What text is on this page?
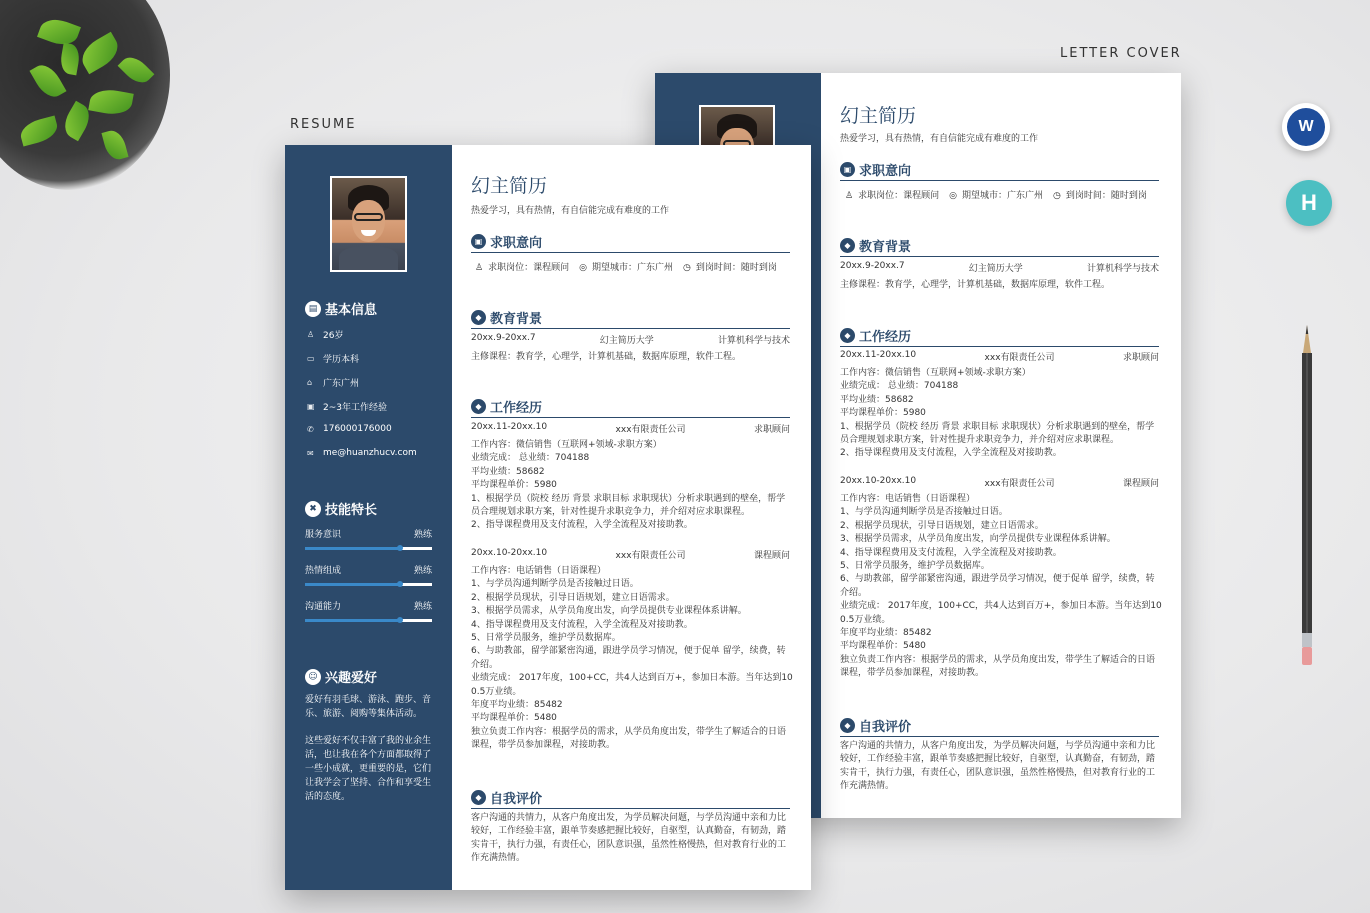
RESUME
LETTER COVER
幻主简历
热爱学习，具有热情，有自信能完成有难度的工作
▣ 求职意向
♙ 求职岗位：课程顾问 ◎ 期望城市：广东广州 ◷ 到岗时间：随时到岗
◆ 教育背景
20xx.9-20xx.7	幻主简历大学	计算机科学与技术
主修课程：教育学，心理学，计算机基础，数据库原理，软件工程。
◆ 工作经历
20xx.11-20xx.10	xxx有限责任公司	求职顾问
工作内容：微信销售（互联网+领域-求职方案）
业绩完成： 总业绩：704188
平均业绩：58682
平均课程单价：5980
1、根据学员（院校 经历 背景 求职目标 求职现状）分析求职遇到的壁垒，帮学
员合理规划求职方案，针对性提升求职竞争力，并介绍对应求职课程。
2、指导课程费用及支付流程，入学全流程及对接助教。
20xx.10-20xx.10	xxx有限责任公司	课程顾问
工作内容：电话销售（日语课程）
1、与学员沟通判断学员是否接触过日语。
2、根据学员现状，引导日语规划，建立日语需求。
3、根据学员需求，从学员角度出发，向学员提供专业课程体系讲解。
4、指导课程费用及支付流程，入学全流程及对接助教。
5、日常学员服务，维护学员数据库。
6、与助教部，留学部紧密沟通，跟进学员学习情况，便于促单 留学，续费，转
介绍。
业绩完成： 2017年度，100+CC，共4人达到百万+，参加日本游。当年达到10
0.5万业绩。
年度平均业绩：85482
平均课程单价：5480
独立负责工作内容：根据学员的需求，从学员角度出发，带学生了解适合的日语
课程，带学员参加课程，对接助教。
◆ 自我评价
客户沟通的共情力，从客户角度出发，为学员解决问题，与学员沟通中亲和力比
较好，工作经验丰富，跟单节奏感把握比较好，自驱型，认真勤奋，有韧劲，踏
实肯干，执行力强，有责任心，团队意识强，虽然性格慢热，但对教育行业的工
作充满热情。
▤ 基本信息
♙ 26岁
▭ 学历本科
⌂	广东广州
▣ 2~3年工作经验
✆	176000176000
✉	me@huanzhucv.com
✖ 技能特长
服务意识	熟练
热情组成	熟练
沟通能力	熟练
☺ 兴趣爱好
爱好有羽毛球、游泳、跑步、音
乐、旅游、阅购等集体活动。
这些爱好不仅丰富了我的业余生
活，也让我在各个方面都取得了
一些小成就，更重要的是，它们
让我学会了坚持、合作和享受生
活的态度。
幻主简历
热爱学习，具有热情，有自信能完成有难度的工作
▣ 求职意向
♙ 求职岗位：课程顾问 ◎ 期望城市：广东广州 ◷ 到岗时间：随时到岗
◆ 教育背景
20xx.9-20xx.7	幻主简历大学	计算机科学与技术
主修课程：教育学，心理学，计算机基础，数据库原理，软件工程。
◆ 工作经历
20xx.11-20xx.10	xxx有限责任公司	求职顾问
工作内容：微信销售（互联网+领域-求职方案）
业绩完成： 总业绩：704188
平均业绩：58682
平均课程单价：5980
1、根据学员（院校 经历 背景 求职目标 求职现状）分析求职遇到的壁垒，帮学
员合理规划求职方案，针对性提升求职竞争力，并介绍对应求职课程。
2、指导课程费用及支付流程，入学全流程及对接助教。
20xx.10-20xx.10	xxx有限责任公司	课程顾问
工作内容：电话销售（日语课程）
1、与学员沟通判断学员是否接触过日语。
2、根据学员现状，引导日语规划，建立日语需求。
3、根据学员需求，从学员角度出发，向学员提供专业课程体系讲解。
4、指导课程费用及支付流程，入学全流程及对接助教。
5、日常学员服务，维护学员数据库。
6、与助教部，留学部紧密沟通，跟进学员学习情况，便于促单 留学，续费，转
介绍。
业绩完成： 2017年度，100+CC，共4人达到百万+，参加日本游。当年达到10
0.5万业绩。
年度平均业绩：85482
平均课程单价：5480
独立负责工作内容：根据学员的需求，从学员角度出发，带学生了解适合的日语
课程，带学员参加课程，对接助教。
◆ 自我评价
客户沟通的共情力，从客户角度出发，为学员解决问题，与学员沟通中亲和力比
较好，工作经验丰富，跟单节奏感把握比较好，自驱型，认真勤奋，有韧劲，踏
实肯干，执行力强，有责任心，团队意识强，虽然性格慢热，但对教育行业的工
作充满热情。
W
H
